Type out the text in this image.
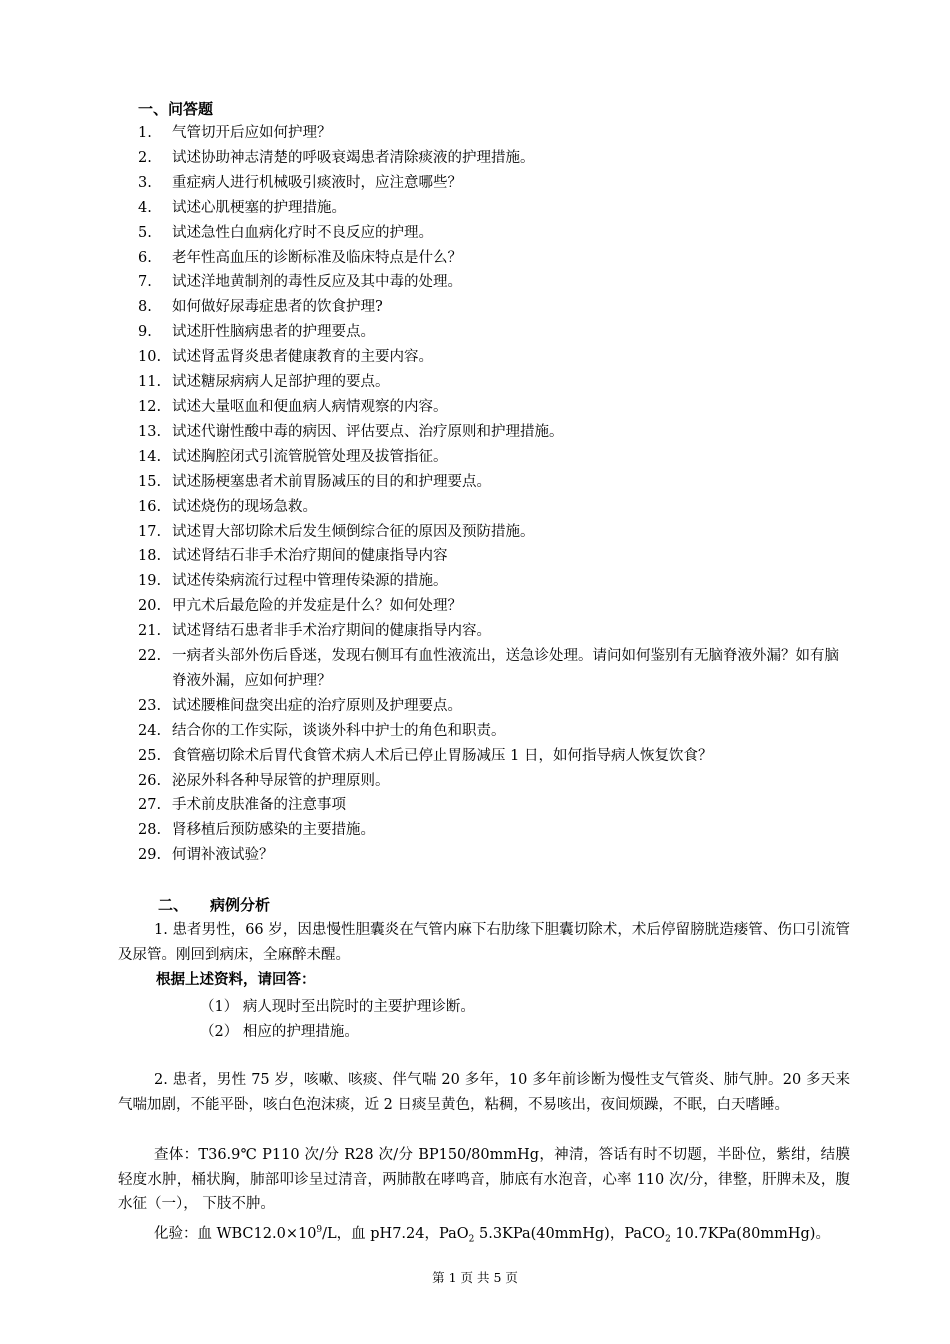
一、问答题
1. 气管切开后应如何护理？
2. 试述协助神志清楚的呼吸衰竭患者清除痰液的护理措施。
3. 重症病人进行机械吸引痰液时，应注意哪些？
4. 试述心肌梗塞的护理措施。
5. 试述急性白血病化疗时不良反应的护理。
6. 老年性高血压的诊断标准及临床特点是什么？
7. 试述洋地黄制剂的毒性反应及其中毒的处理。
8. 如何做好尿毒症患者的饮食护理?
9. 试述肝性脑病患者的护理要点。
10. 试述肾盂肾炎患者健康教育的主要内容。
11. 试述糖尿病病人足部护理的要点。
12. 试述大量呕血和便血病人病情观察的内容。
13. 试述代谢性酸中毒的病因、评估要点、治疗原则和护理措施。
14. 试述胸腔闭式引流管脱管处理及拔管指征。
15. 试述肠梗塞患者术前胃肠减压的目的和护理要点。
16. 试述烧伤的现场急救。
17. 试述胃大部切除术后发生倾倒综合征的原因及预防措施。
18. 试述肾结石非手术治疗期间的健康指导内容
19. 试述传染病流行过程中管理传染源的措施。
20. 甲亢术后最危险的并发症是什么？如何处理？
21. 试述肾结石患者非手术治疗期间的健康指导内容。
22. 一病者头部外伤后昏迷，发现右侧耳有血性液流出，送急诊处理。请问如何鉴别有无脑脊液外漏？如有脑脊液外漏，应如何护理？
23. 试述腰椎间盘突出症的治疗原则及护理要点。
24. 结合你的工作实际，谈谈外科中护士的角色和职责。
25. 食管癌切除术后胃代食管术病人术后已停止胃肠减压 1 日，如何指导病人恢复饮食？
26. 泌尿外科各种导尿管的护理原则。
27. 手术前皮肤准备的注意事项
28. 肾移植后预防感染的主要措施。
29. 何谓补液试验？
二、 病例分析

1. 患者男性，66 岁，因患慢性胆囊炎在气管内麻下右肋缘下胆囊切除术，术后停留膀胱造瘘管、伤口引流管及尿管。刚回到病床，全麻醉未醒。

根据上述资料，请回答：
（1） 病人现时至出院时的主要护理诊断。
（2） 相应的护理措施。

2. 患者，男性 75 岁，咳嗽、咳痰、伴气喘 20 多年，10 多年前诊断为慢性支气管炎、肺气肿。20 多天来气喘加剧，不能平卧，咳白色泡沫痰，近 2 日痰呈黄色，粘稠，不易咳出，夜间烦躁，不眠，白天嗜睡。

查体：T36.9℃ P110 次/分 R28 次/分 BP150/80mmHg，神清，答话有时不切题，半卧位，紫绀，结膜轻度水肿，桶状胸，肺部叩诊呈过清音，两肺散在哮鸣音，肺底有水泡音，心率 110 次/分，律整，肝脾未及，腹水征（一）， 下肢不肿。

化验：血 $WBC12.0\times 10^9/L$，血 pH7.24，PaO$_2$ 5.3KPa(40mmHg)，PaCO$_2$ 10.7KPa(80mmHg)。

第 1 页 共 5 页
